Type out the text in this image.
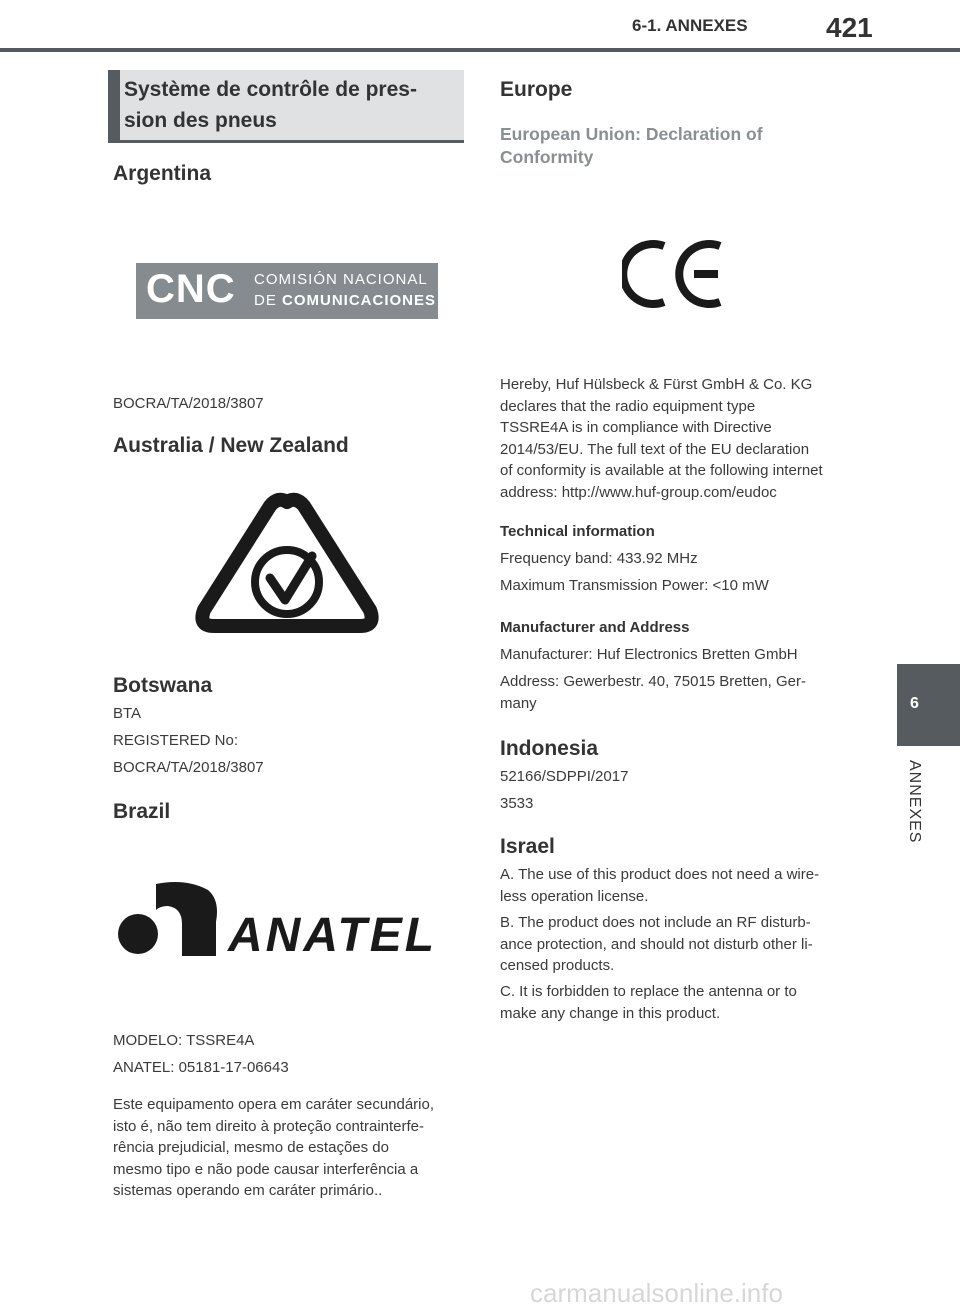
6-1. ANNEXES	421
6
ANNEXES
Système de contrôle de pres-
sion des pneus
Argentina
CNC COMISIÓN NACIONAL
DE COMUNICACIONES
BOCRA/TA/2018/3807
Australia / New Zealand
Botswana
BTA
REGISTERED No:
BOCRA/TA/2018/3807
Brazil
ANATEL
MODELO: TSSRE4A
ANATEL: 05181-17-06643
Este equipamento opera em caráter secundário,
isto é, não tem direito à proteção contrainterfe-
rência prejudicial, mesmo de estações do
mesmo tipo e não pode causar interferência a
sistemas operando em caráter primário..
Europe
European Union: Declaration of
Conformity
Hereby, Huf Hülsbeck & Fürst GmbH & Co. KG
declares that the radio equipment type
TSSRE4A is in compliance with Directive
2014/53/EU. The full text of the EU declaration
of conformity is available at the following internet
address: http://www.huf-group.com/eudoc
Technical information
Frequency band: 433.92 MHz
Maximum Transmission Power: <10 mW
Manufacturer and Address
Manufacturer: Huf Electronics Bretten GmbH
Address: Gewerbestr. 40, 75015 Bretten, Ger-
many
Indonesia
52166/SDPPI/2017
3533
Israel
A. The use of this product does not need a wire-
less operation license.
B. The product does not include an RF disturb-
ance protection, and should not disturb other li-
censed products.
C. It is forbidden to replace the antenna or to
make any change in this product.
carmanualsonline.info
